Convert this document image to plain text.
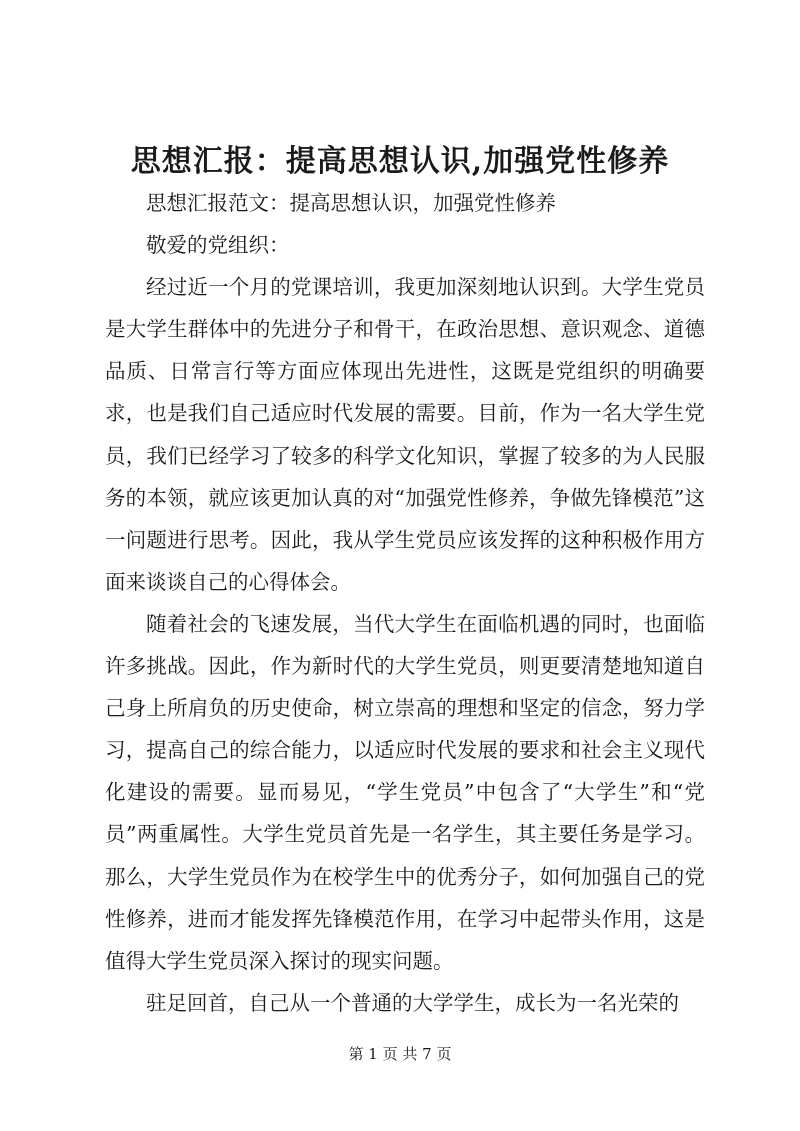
思想汇报：提高思想认识,加强党性修养

思想汇报范文：提高思想认识，加强党性修养

敬爱的党组织：

经过近一个月的党课培训，我更加深刻地认识到。大学生党员是大学生群体中的先进分子和骨干，在政治思想、意识观念、道德品质、日常言行等方面应体现出先进性，这既是党组织的明确要求，也是我们自己适应时代发展的需要。目前，作为一名大学生党员，我们已经学习了较多的科学文化知识，掌握了较多的为人民服务的本领，就应该更加认真的对“加强党性修养，争做先锋模范”这一问题进行思考。因此，我从学生党员应该发挥的这种积极作用方面来谈谈自己的心得体会。

随着社会的飞速发展，当代大学生在面临机遇的同时，也面临许多挑战。因此，作为新时代的大学生党员，则更要清楚地知道自己身上所肩负的历史使命，树立崇高的理想和坚定的信念，努力学习，提高自己的综合能力，以适应时代发展的要求和社会主义现代化建设的需要。显而易见，“学生党员”中包含了“大学生”和“党员”两重属性。大学生党员首先是一名学生，其主要任务是学习。那么，大学生党员作为在校学生中的优秀分子，如何加强自己的党性修养，进而才能发挥先锋模范作用，在学习中起带头作用，这是值得大学生党员深入探讨的现实问题。

驻足回首，自己从一个普通的大学学生，成长为一名光荣的

第 1 页 共 7 页
